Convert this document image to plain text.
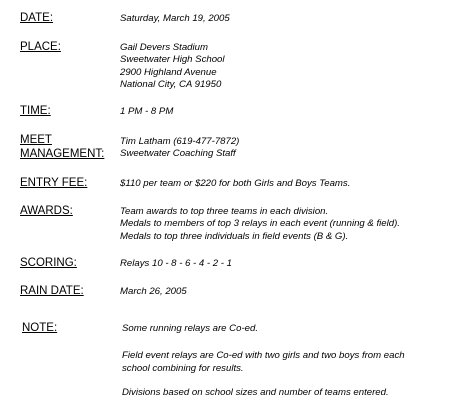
DATE:	Saturday, March 19, 2005
PLACE:	Gail Devers Stadium
Sweetwater High School
2900 Highland Avenue
National City, CA 91950
TIME:	1 PM - 8 PM
MEET
MANAGEMENT:
Tim Latham (619-477-7872)
Sweetwater Coaching Staff
ENTRY FEE:	$110 per team or $220 for both Girls and Boys Teams.
AWARDS:	Team awards to top three teams in each division.
Medals to members of top 3 relays in each event (running & field).
Medals to top three individuals in field events (B & G).
SCORING:	Relays 10 - 8 - 6 - 4 - 2 - 1
RAIN DATE:	March 26, 2005
NOTE:	Some running relays are Co-ed.
Field event relays are Co-ed with two girls and two boys from each
school combining for results.
Divisions based on school sizes and number of teams entered.
